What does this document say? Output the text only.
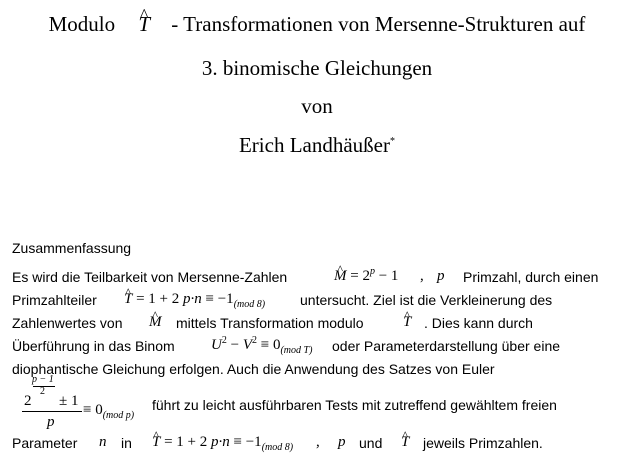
Modulo ^ T - Transformationen von Mersenne-Strukturen auf
3. binomische Gleichungen
von
Erich Landhäußer*
Zusammenfassung
Es wird die Teilbarkeit von Mersenne-Zahlen	^ $M = 2^p - 1$ , p Primzahl, durch einen
Primzahlteiler ^ T = 1 + 2 $p\cdot n \equiv -1_{(mod 8)}$ untersucht. Ziel ist die Verkleinerung des
Zahlenwertes von ^ M mittels Transformation modulo	^ T . Dies kann durch
Überführung in das Binom $U^2 - V^2 \equiv 0_{(mod T)}$ oder Parameterdarstellung über eine
diophantische Gleichung erfolgen. Auch die Anwendung des Satzes von Euler
p − 1
2
2 ± 1
p
≡ $0_{(mod p)}$
führt zu leicht ausführbaren Tests mit zutreffend gewähltem freien
Parameter n in ^ T = 1 + 2 $p\cdot n \equiv -1_{(mod 8)}$ , p und ^ T jeweils Primzahlen.
